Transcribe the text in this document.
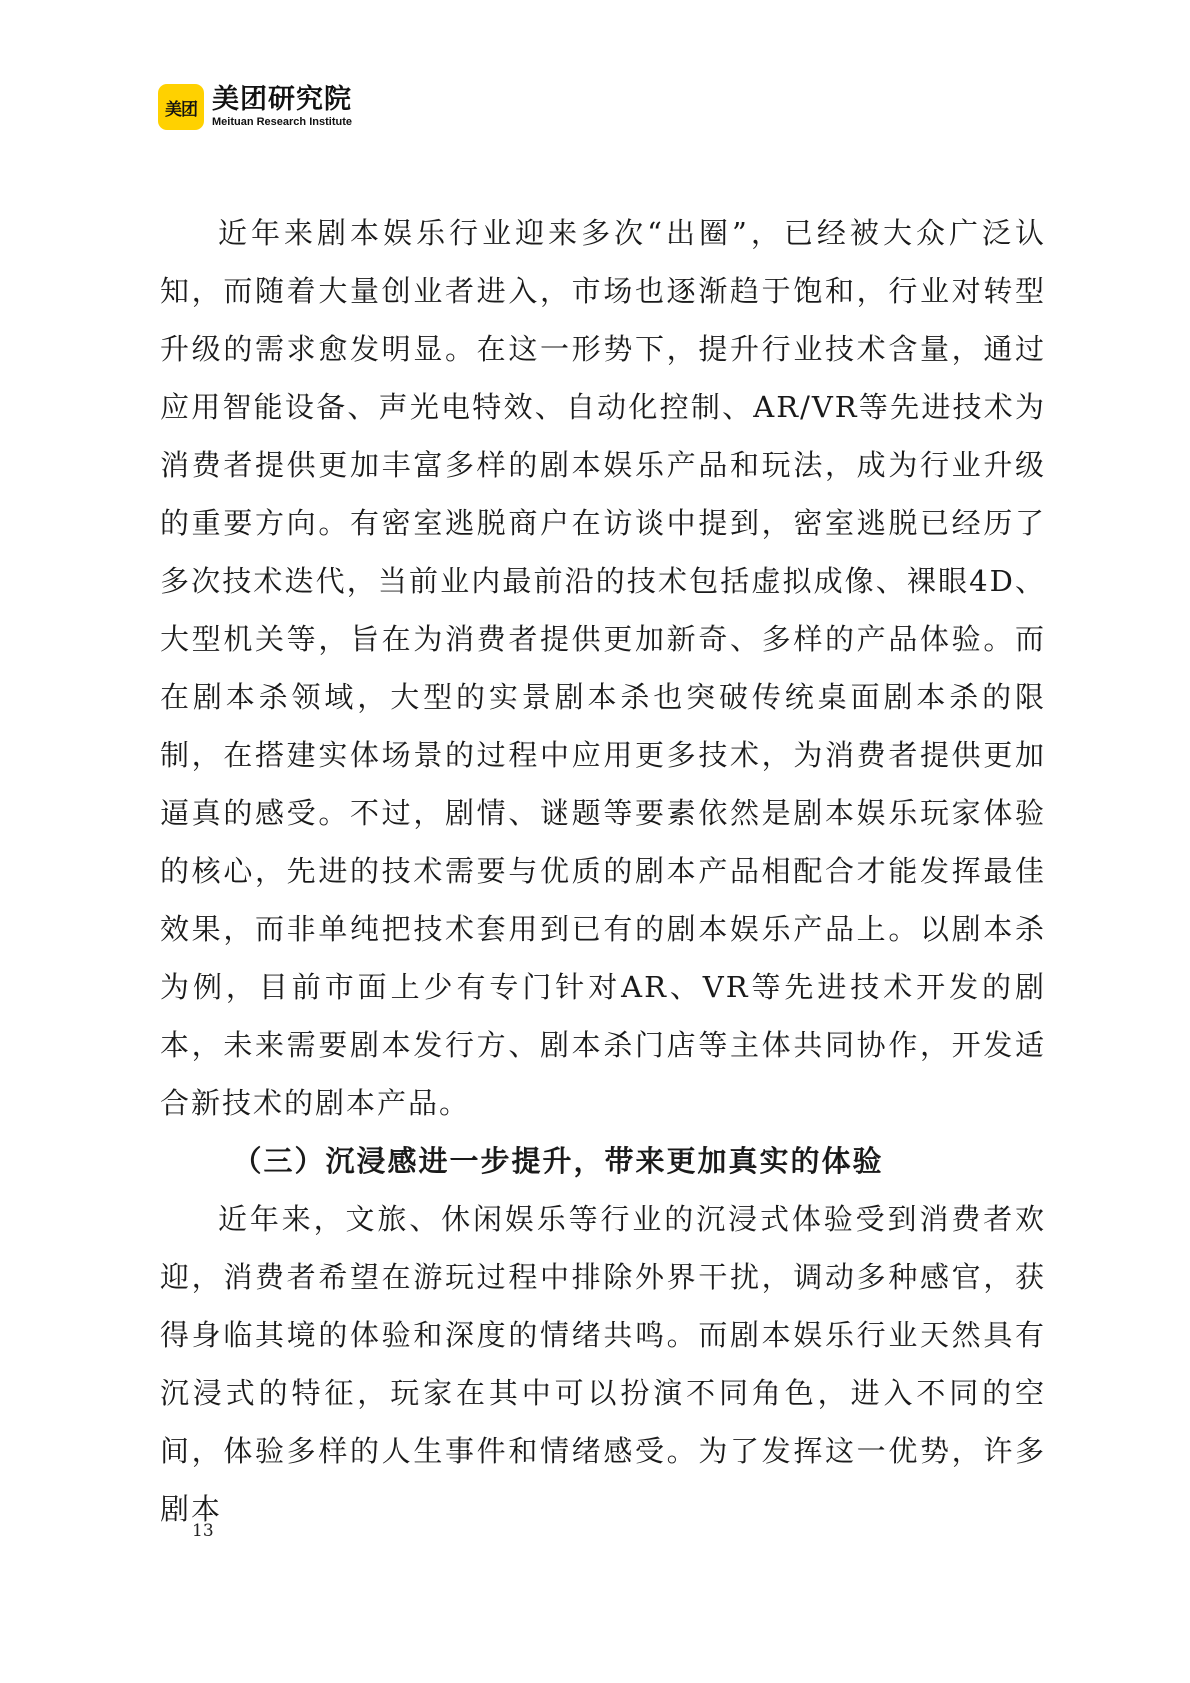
美团 美团研究院
Meituan Research Institute

近年来剧本娱乐行业迎来多次“出圈”，已经被大众广泛认知，而随着大量创业者进入，市场也逐渐趋于饱和，行业对转型升级的需求愈发明显。在这一形势下，提升行业技术含量，通过应用智能设备、声光电特效、自动化控制、AR/VR等先进技术为消费者提供更加丰富多样的剧本娱乐产品和玩法，成为行业升级的重要方向。有密室逃脱商户在访谈中提到，密室逃脱已经历了多次技术迭代，当前业内最前沿的技术包括虚拟成像、裸眼4D、大型机关等，旨在为消费者提供更加新奇、多样的产品体验。而在剧本杀领域，大型的实景剧本杀也突破传统桌面剧本杀的限制，在搭建实体场景的过程中应用更多技术，为消费者提供更加逼真的感受。不过，剧情、谜题等要素依然是剧本娱乐玩家体验的核心，先进的技术需要与优质的剧本产品相配合才能发挥最佳效果，而非单纯把技术套用到已有的剧本娱乐产品上。以剧本杀为例，目前市面上少有专门针对AR、VR等先进技术开发的剧本，未来需要剧本发行方、剧本杀门店等主体共同协作，开发适合新技术的剧本产品。

（三）沉浸感进一步提升，带来更加真实的体验

近年来，文旅、休闲娱乐等行业的沉浸式体验受到消费者欢迎，消费者希望在游玩过程中排除外界干扰，调动多种感官，获得身临其境的体验和深度的情绪共鸣。而剧本娱乐行业天然具有沉浸式的特征，玩家在其中可以扮演不同角色，进入不同的空间，体验多样的人生事件和情绪感受。为了发挥这一优势，许多剧本

13
